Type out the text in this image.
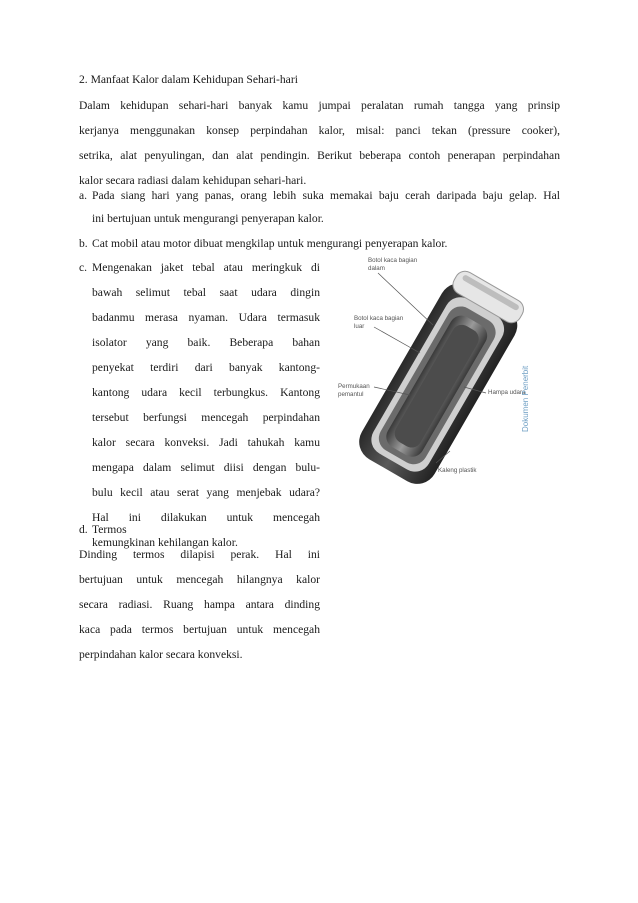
2. Manfaat Kalor dalam Kehidupan Sehari-hari
Dalam kehidupan sehari-hari banyak kamu jumpai peralatan rumah tangga yang prinsip
kerjanya menggunakan konsep perpindahan kalor, misal: panci tekan (pressure cooker),
setrika, alat penyulingan, dan alat pendingin. Berikut beberapa contoh penerapan perpindahan
kalor secara radiasi dalam kehidupan sehari-hari.
a. Pada siang hari yang panas, orang lebih suka memakai baju cerah daripada baju gelap. Hal
ini bertujuan untuk mengurangi penyerapan kalor.
b. Cat mobil atau motor dibuat mengkilap untuk mengurangi penyerapan kalor.
c. Mengenakan jaket tebal atau meringkuk di
bawah selimut tebal saat udara dingin
badanmu merasa nyaman. Udara termasuk
isolator yang baik. Beberapa bahan
penyekat terdiri dari banyak kantong-
kantong udara kecil terbungkus. Kantong
tersebut berfungsi mencegah perpindahan
kalor secara konveksi. Jadi tahukah kamu
mengapa dalam selimut diisi dengan bulu-
bulu kecil atau serat yang menjebak udara?
Hal ini dilakukan untuk mencegah
kemungkinan kehilangan kalor.
d. Termos
Dinding termos dilapisi perak. Hal ini
bertujuan untuk mencegah hilangnya kalor
secara radiasi. Ruang hampa antara dinding
kaca pada termos bertujuan untuk mencegah
perpindahan kalor secara konveksi.
Botol kaca bagian
dalam
Botol kaca bagian
luar
Permukaan
pemantul	Hampa udara
Kaleng plastik
Dokumen Penerbit
